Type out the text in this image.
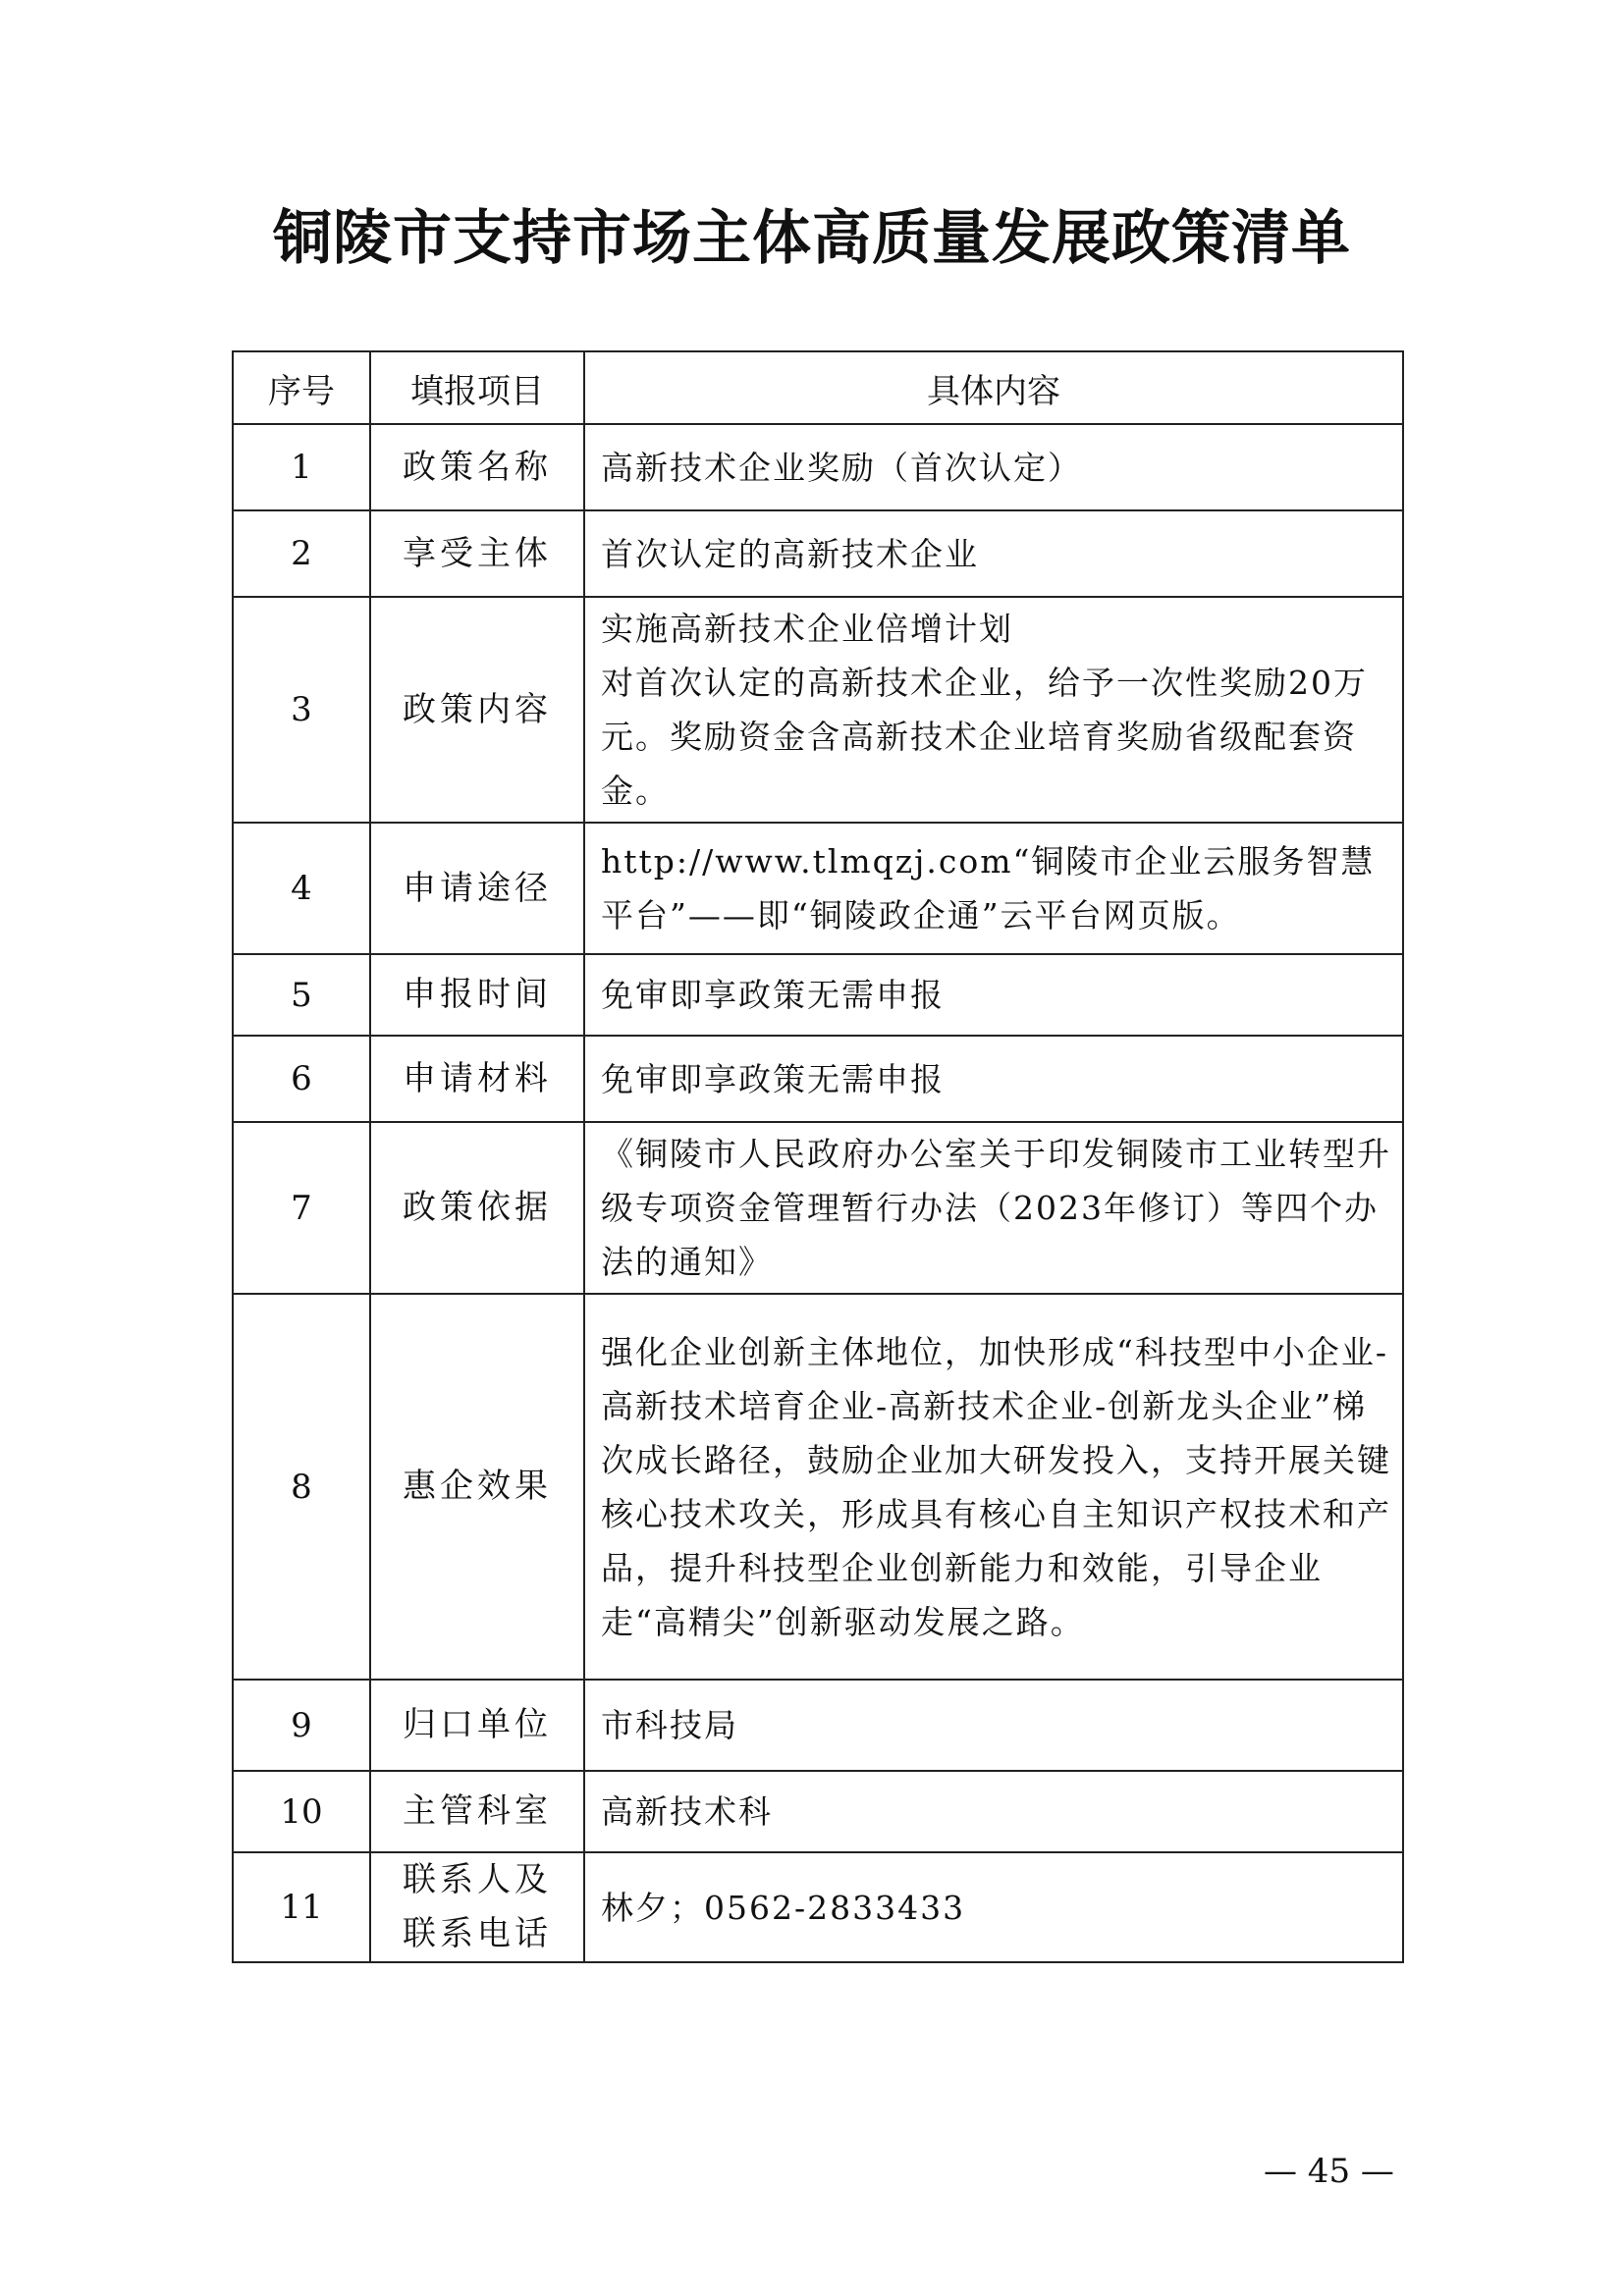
铜陵市支持市场主体高质量发展政策清单
序号	填报项目	具体内容
1	政策名称	高新技术企业奖励（首次认定）
2	享受主体	首次认定的高新技术企业
3	政策内容	实施高新技术企业倍增计划
对首次认定的高新技术企业，给予一次性奖励20万元。奖励资金含高新技术企业培育奖励省级配套资金。
4	申请途径	http://www.tlmqzj.com“铜陵市企业云服务智慧平台”——即“铜陵政企通”云平台网页版。
5	申报时间	免审即享政策无需申报
6	申请材料	免审即享政策无需申报
7	政策依据	《铜陵市人民政府办公室关于印发铜陵市工业转型升级专项资金管理暂行办法（2023年修订）等四个办法的通知》
8	惠企效果	强化企业创新主体地位，加快形成“科技型中小企业-高新技术培育企业-高新技术企业-创新龙头企业”梯次成长路径，鼓励企业加大研发投入，支持开展关键核心技术攻关，形成具有核心自主知识产权技术和产品，提升科技型企业创新能力和效能，引导企业走“高精尖”创新驱动发展之路。
9	归口单位	市科技局
10	主管科室	高新技术科
11	联系人及联系电话	林夕；0562-2833433
— 45 —
